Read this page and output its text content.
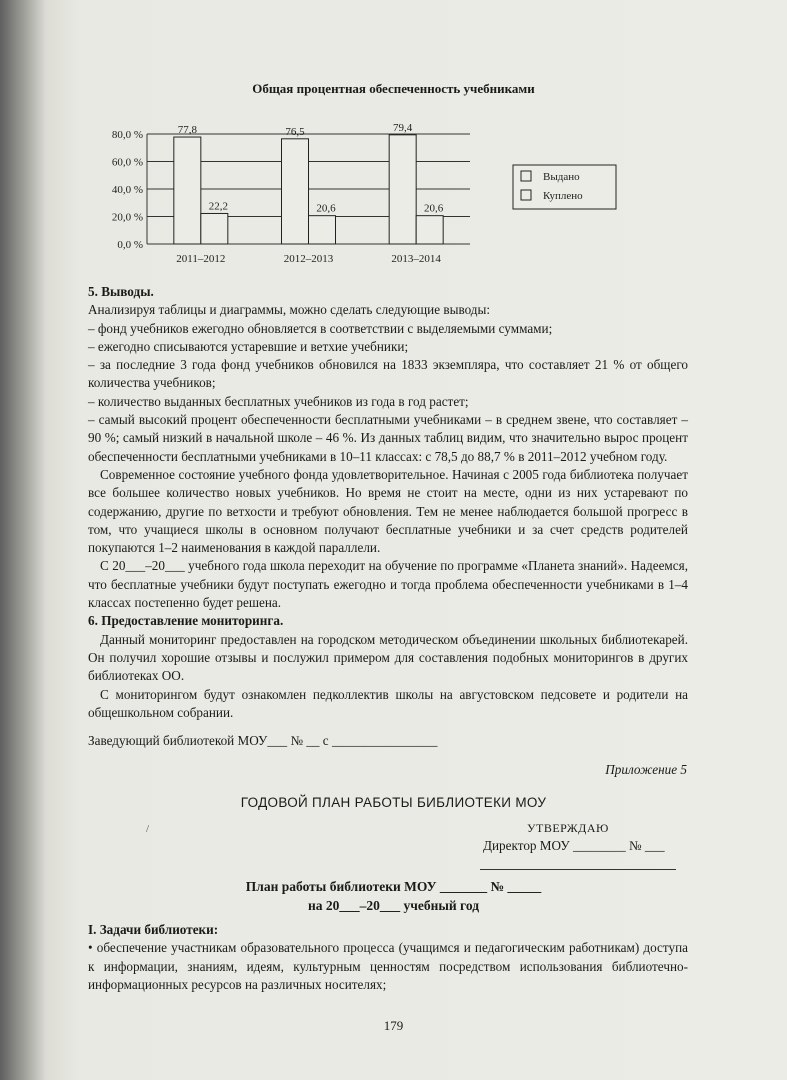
Общая процентная обеспеченность учебниками
0,0 %
20,0 %
40,0 %
60,0 %
80,0 %	77,8
22,2
76,5
20,6
79,4
20,6
2011–2012	2012–2013	2013–2014
Выдано
Куплено

5. Выводы.

Анализируя таблицы и диаграммы, можно сделать следующие выводы:

– фонд учебников ежегодно обновляется в соответствии с выделяемыми суммами;

– ежегодно списываются устаревшие и ветхие учебники;

– за последние 3 года фонд учебников обновился на 1833 экземпляра, что составляет 21 % от общего количества учебников;

– количество выданных бесплатных учебников из года в год растет;

– самый высокий процент обеспеченности бесплатными учебниками – в среднем звене, что составляет – 90 %; самый низкий в начальной школе – 46 %. Из данных таблиц видим, что значительно вырос процент обеспеченности бесплатными учебниками в 10–11 классах: с 78,5 до 88,7 % в 2011–2012 учебном году.

Современное состояние учебного фонда удовлетворительное. Начиная с 2005 года библиотека получает все большее количество новых учебников. Но время не стоит на месте, одни из них устаревают по содержанию, другие по ветхости и требуют обновления. Тем не менее наблюдается большой прогресс в том, что учащиеся школы в основном получают бесплатные учебники и за счет средств родителей покупаются 1–2 наименования в каждой параллели.

С 20___–20___ учебного года школа переходит на обучение по программе «Планета знаний». Надеемся, что бесплатные учебники будут поступать ежегодно и тогда проблема обеспеченности учебниками в 1–4 классах постепенно будет решена.

6. Предоставление мониторинга.

Данный мониторинг предоставлен на городском методическом объединении школьных библиотекарей. Он получил хорошие отзывы и послужил примером для составления подобных мониторингов в других библиотеках ОО.

С мониторингом будут ознакомлен педколлектив школы на августовском педсовете и родители на общешкольном собрании.

Заведующий библиотекой МОУ___ № __ с ________________

Приложение 5
ГОДОВОЙ ПЛАН РАБОТЫ БИБЛИОТЕКИ МОУ
/	УТВЕРЖДАЮ
Директор МОУ ________ № ___
План работы библиотеки МОУ _______ № _____
на 20___–20___ учебный год

I. Задачи библиотеки:

• обеспечение участникам образовательного процесса (учащимся и педагогическим работникам) доступа к информации, знаниям, идеям, культурным ценностям посредством использования библиотечно-информационных ресурсов на различных носителях;

179
